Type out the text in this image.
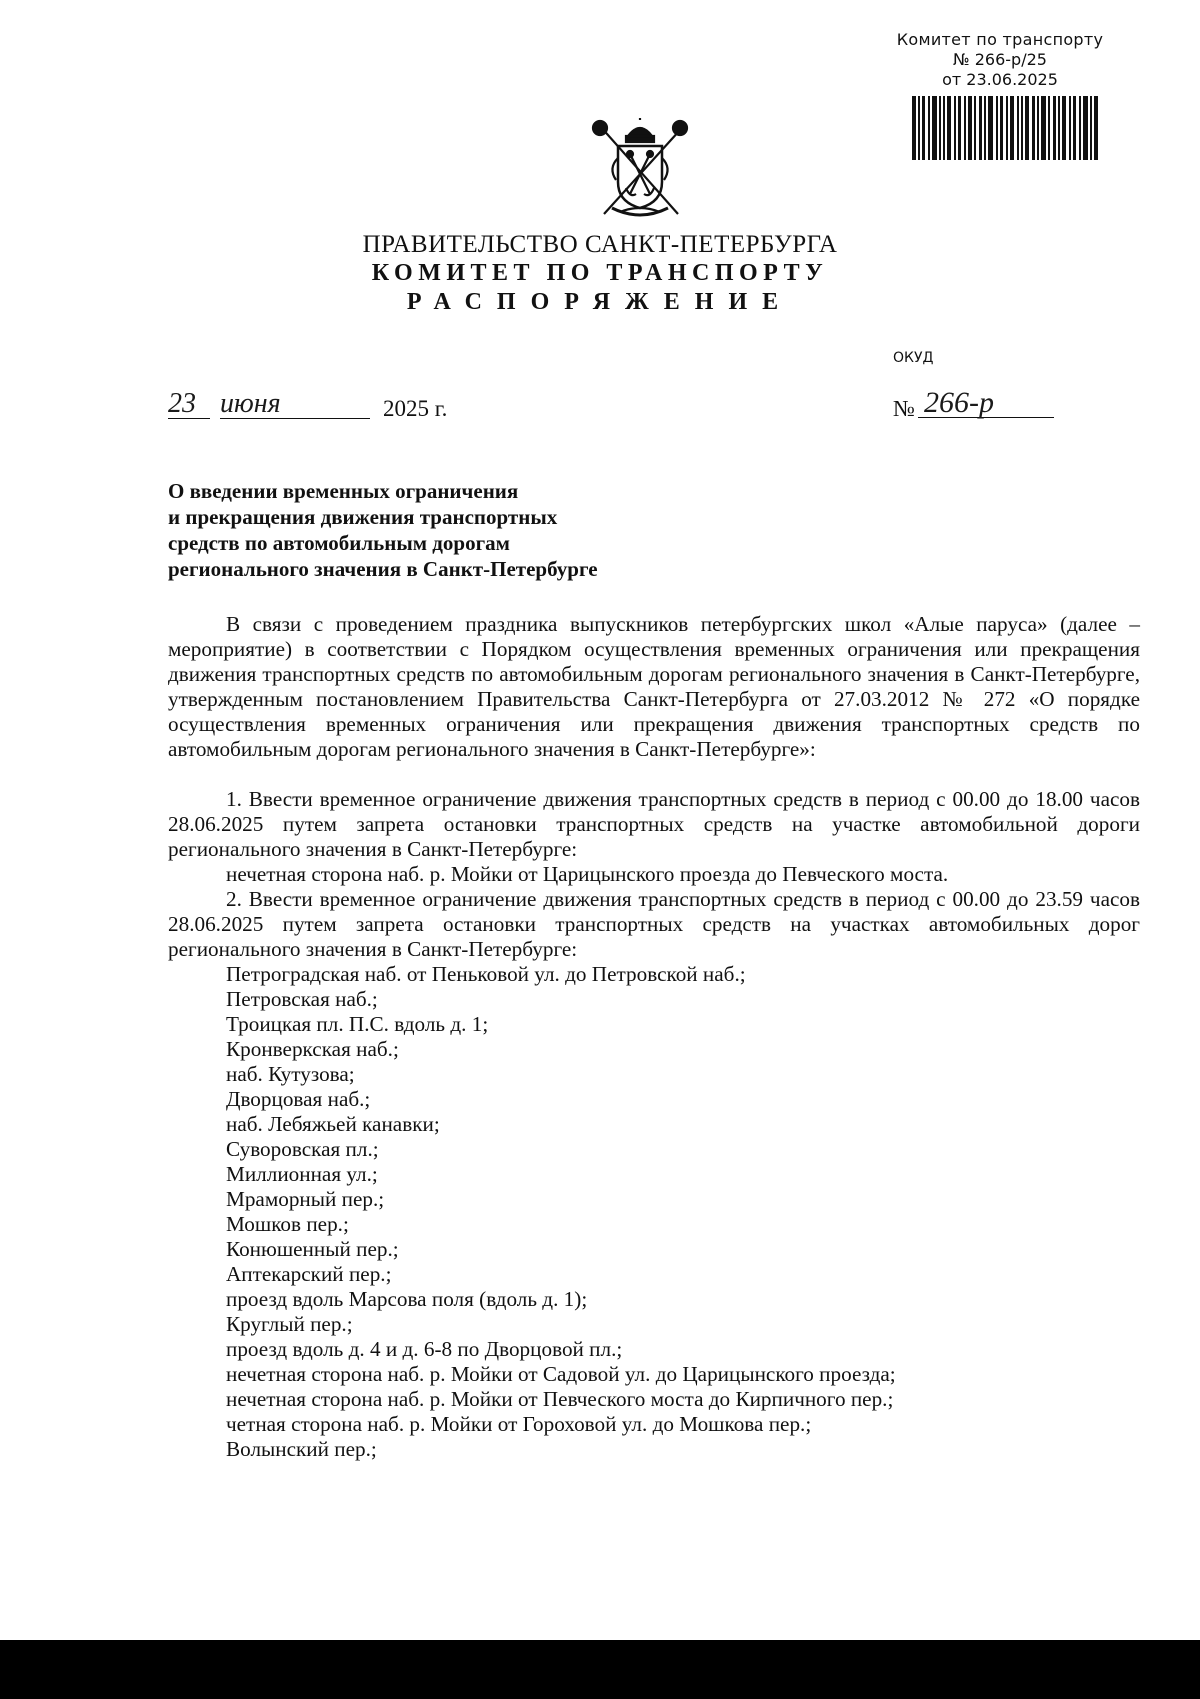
Комитет по транспорту
№ 266-р/25
от 23.06.2025
ПРАВИТЕЛЬСТВО САНКТ-ПЕТЕРБУРГА
КОМИТЕТ ПО ТРАНСПОРТУ
РАСПОРЯЖЕНИЕ
ОКУД
23 июня	2025 г.	№ 266-р
О введении временных ограничения
и прекращения движения транспортных
средств по автомобильным дорогам
регионального значения в Санкт-Петербурге

В связи с проведением праздника выпускников петербургских школ «Алые паруса» (далее – мероприятие) в соответствии с Порядком осуществления временных ограничения или прекращения движения транспортных средств по автомобильным дорогам регионального значения в Санкт-Петербурге, утвержденным постановлением Правительства Санкт-Петербурга от 27.03.2012 № 272 «О порядке осуществления временных ограничения или прекращения движения транспортных средств по автомобильным дорогам регионального значения в Санкт-Петербурге»:

1. Ввести временное ограничение движения транспортных средств в период с 00.00 до 18.00 часов 28.06.2025 путем запрета остановки транспортных средств на участке автомобильной дороги регионального значения в Санкт-Петербурге:

нечетная сторона наб. р. Мойки от Царицынского проезда до Певческого моста.

2. Ввести временное ограничение движения транспортных средств в период с 00.00 до 23.59 часов 28.06.2025 путем запрета остановки транспортных средств на участках автомобильных дорог регионального значения в Санкт-Петербурге:

Петроградская наб. от Пеньковой ул. до Петровской наб.;
Петровская наб.;
Троицкая пл. П.С. вдоль д. 1;
Кронверкская наб.;
наб. Кутузова;
Дворцовая наб.;
наб. Лебяжьей канавки;
Суворовская пл.;
Миллионная ул.;
Мраморный пер.;
Мошков пер.;
Конюшенный пер.;
Аптекарский пер.;
проезд вдоль Марсова поля (вдоль д. 1);
Круглый пер.;
проезд вдоль д. 4 и д. 6-8 по Дворцовой пл.;
нечетная сторона наб. р. Мойки от Садовой ул. до Царицынского проезда;
нечетная сторона наб. р. Мойки от Певческого моста до Кирпичного пер.;
четная сторона наб. р. Мойки от Гороховой ул. до Мошкова пер.;
Волынский пер.;
